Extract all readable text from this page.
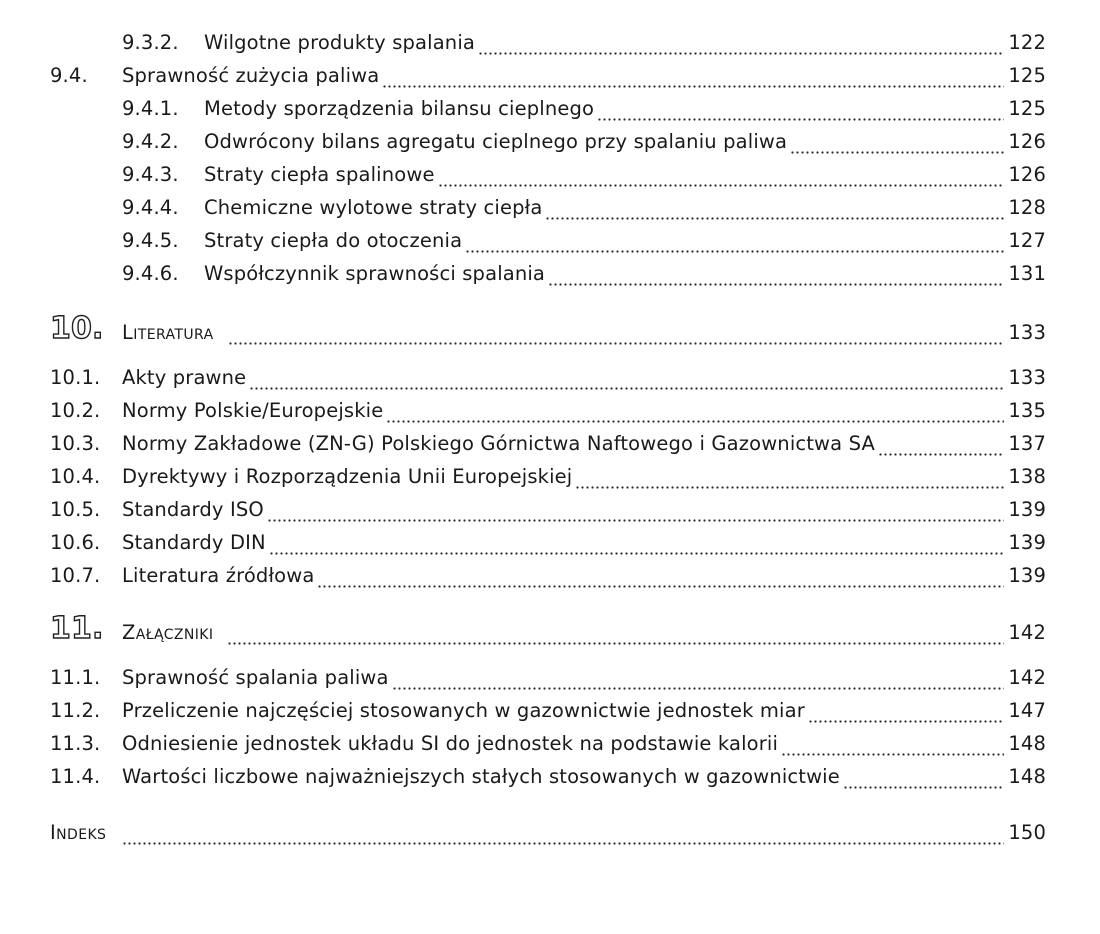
9.3.2.	Wilgotne produkty spalania	122
9.4.	Sprawność zużycia paliwa	125
9.4.1.	Metody sporządzenia bilansu cieplnego	125
9.4.2.	Odwrócony bilans agregatu cieplnego przy spalaniu paliwa	126
9.4.3.	Straty ciepła spalinowe	126
9.4.4.	Chemiczne wylotowe straty ciepła	128
9.4.5.	Straty ciepła do otoczenia	127
9.4.6.	Współczynnik sprawności spalania	131
10. Literatura	133
10.1.	Akty prawne	133
10.2.	Normy Polskie/Europejskie	135
10.3.	Normy Zakładowe (ZN-G) Polskiego Górnictwa Naftowego i Gazownictwa SA	137
10.4.	Dyrektywy i Rozporządzenia Unii Europejskiej	138
10.5.	Standardy ISO	139
10.6.	Standardy DIN	139
10.7.	Literatura źródłowa	139
11. Załączniki	142
11.1.	Sprawność spalania paliwa	142
11.2.	Przeliczenie najczęściej stosowanych w gazownictwie jednostek miar	147
11.3.	Odniesienie jednostek układu SI do jednostek na podstawie kalorii	148
11.4.	Wartości liczbowe najważniejszych stałych stosowanych w gazownictwie	148
Indeks	150
